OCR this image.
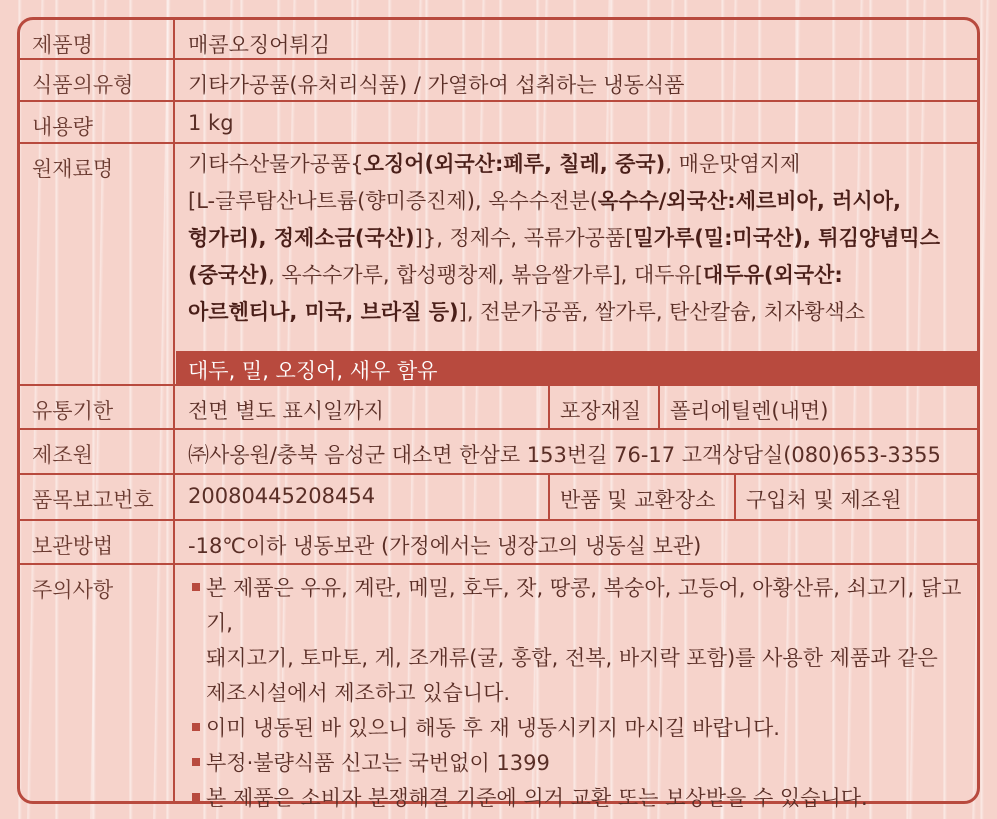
제품명	매콤오징어튀김
식품의유형	기타가공품(유처리식품) / 가열하여 섭취하는 냉동식품
내용량	1 kg
원재료명	기타수산물가공품{오징어(외국산:페루, 칠레, 중국), 매운맛염지제
[L-글루탐산나트륨(향미증진제), 옥수수전분(옥수수/외국산:세르비아, 러시아,
헝가리), 정제소금(국산)]}, 정제수, 곡류가공품[밀가루(밀:미국산), 튀김양념믹스
(중국산), 옥수수가루, 합성팽창제, 볶음쌀가루], 대두유[대두유(외국산:
아르헨티나, 미국, 브라질 등)], 전분가공품, 쌀가루, 탄산칼슘, 치자황색소
대두, 밀, 오징어, 새우 함유
유통기한	전면 별도 표시일까지	포장재질	폴리에틸렌(내면)
제조원	㈜사옹원/충북 음성군 대소면 한삼로 153번길 76-17 고객상담실(080)653-3355
품목보고번호	20080445208454	반품 및 교환장소	구입처 및 제조원
보관방법	-18℃이하 냉동보관 (가정에서는 냉장고의 냉동실 보관)
주의사항	본 제품은 우유, 계란, 메밀, 호두, 잣, 땅콩, 복숭아, 고등어, 아황산류, 쇠고기, 닭고기,
돼지고기, 토마토, 게, 조개류(굴, 홍합, 전복, 바지락 포함)를 사용한 제품과 같은
제조시설에서 제조하고 있습니다.
이미 냉동된 바 있으니 해동 후 재 냉동시키지 마시길 바랍니다.
부정·불량식품 신고는 국번없이 1399
본 제품은 소비자 분쟁해결 기준에 의거 교환 또는 보상받을 수 있습니다.
